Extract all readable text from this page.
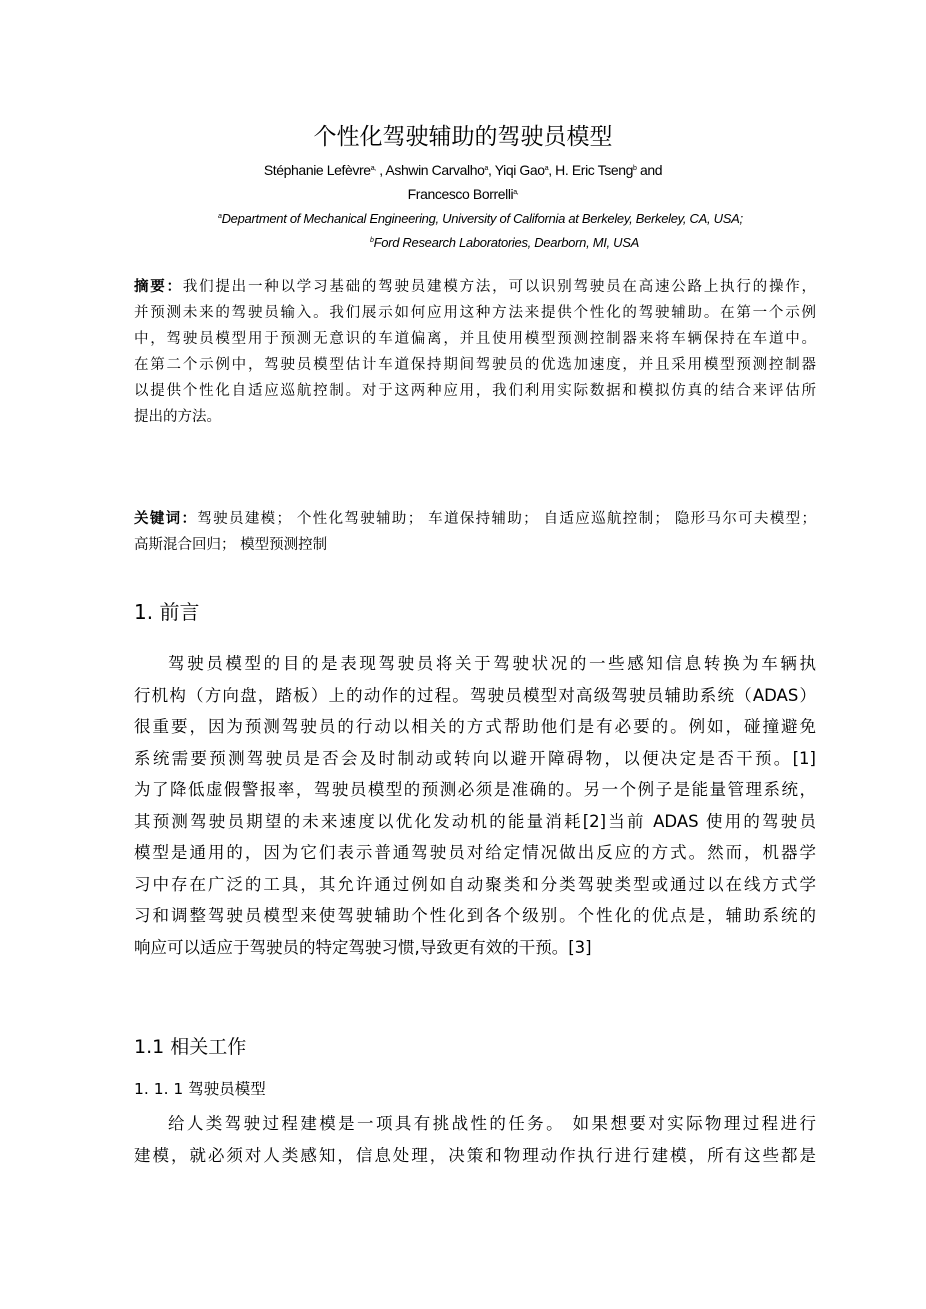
个性化驾驶辅助的驾驶员模型
Stéphanie Lefèvre$^{a,}$ , Ashwin Carvalho$^a$, Yiqi Gao$^a$, H. Eric Tseng$^b$ and
Francesco Borrelli$^{a,}$
$^a$Department of Mechanical Engineering, University of California at Berkeley, Berkeley, CA, USA;
$^b$Ford Research Laboratories, Dearborn, MI, USA
摘要：我们提出一种以学习基础的驾驶员建模方法，可以识别驾驶员在高速公路上执行的操作，
并预测未来的驾驶员输入。我们展示如何应用这种方法来提供个性化的驾驶辅助。在第一个示例
中，驾驶员模型用于预测无意识的车道偏离，并且使用模型预测控制器来将车辆保持在车道中。
在第二个示例中，驾驶员模型估计车道保持期间驾驶员的优选加速度，并且采用模型预测控制器
以提供个性化自适应巡航控制。对于这两种应用，我们利用实际数据和模拟仿真的结合来评估所
提出的方法。
关键词：驾驶员建模； 个性化驾驶辅助； 车道保持辅助； 自适应巡航控制； 隐形马尔可夫模型；
高斯混合回归； 模型预测控制
1. 前言
驾驶员模型的目的是表现驾驶员将关于驾驶状况的一些感知信息转换为车辆执
行机构（方向盘，踏板）上的动作的过程。驾驶员模型对高级驾驶员辅助系统（ADAS）
很重要，因为预测驾驶员的行动以相关的方式帮助他们是有必要的。例如，碰撞避免
系统需要预测驾驶员是否会及时制动或转向以避开障碍物，以便决定是否干预。[1]
为了降低虚假警报率，驾驶员模型的预测必须是准确的。另一个例子是能量管理系统，
其预测驾驶员期望的未来速度以优化发动机的能量消耗[2]当前 ADAS 使用的驾驶员
模型是通用的，因为它们表示普通驾驶员对给定情况做出反应的方式。然而，机器学
习中存在广泛的工具，其允许通过例如自动聚类和分类驾驶类型或通过以在线方式学
习和调整驾驶员模型来使驾驶辅助个性化到各个级别。个性化的优点是，辅助系统的
响应可以适应于驾驶员的特定驾驶习惯,导致更有效的干预。[3]
1.1 相关工作
1. 1. 1 驾驶员模型
给人类驾驶过程建模是一项具有挑战性的任务。 如果想要对实际物理过程进行
建模，就必须对人类感知，信息处理，决策和物理动作执行进行建模，所有这些都是
